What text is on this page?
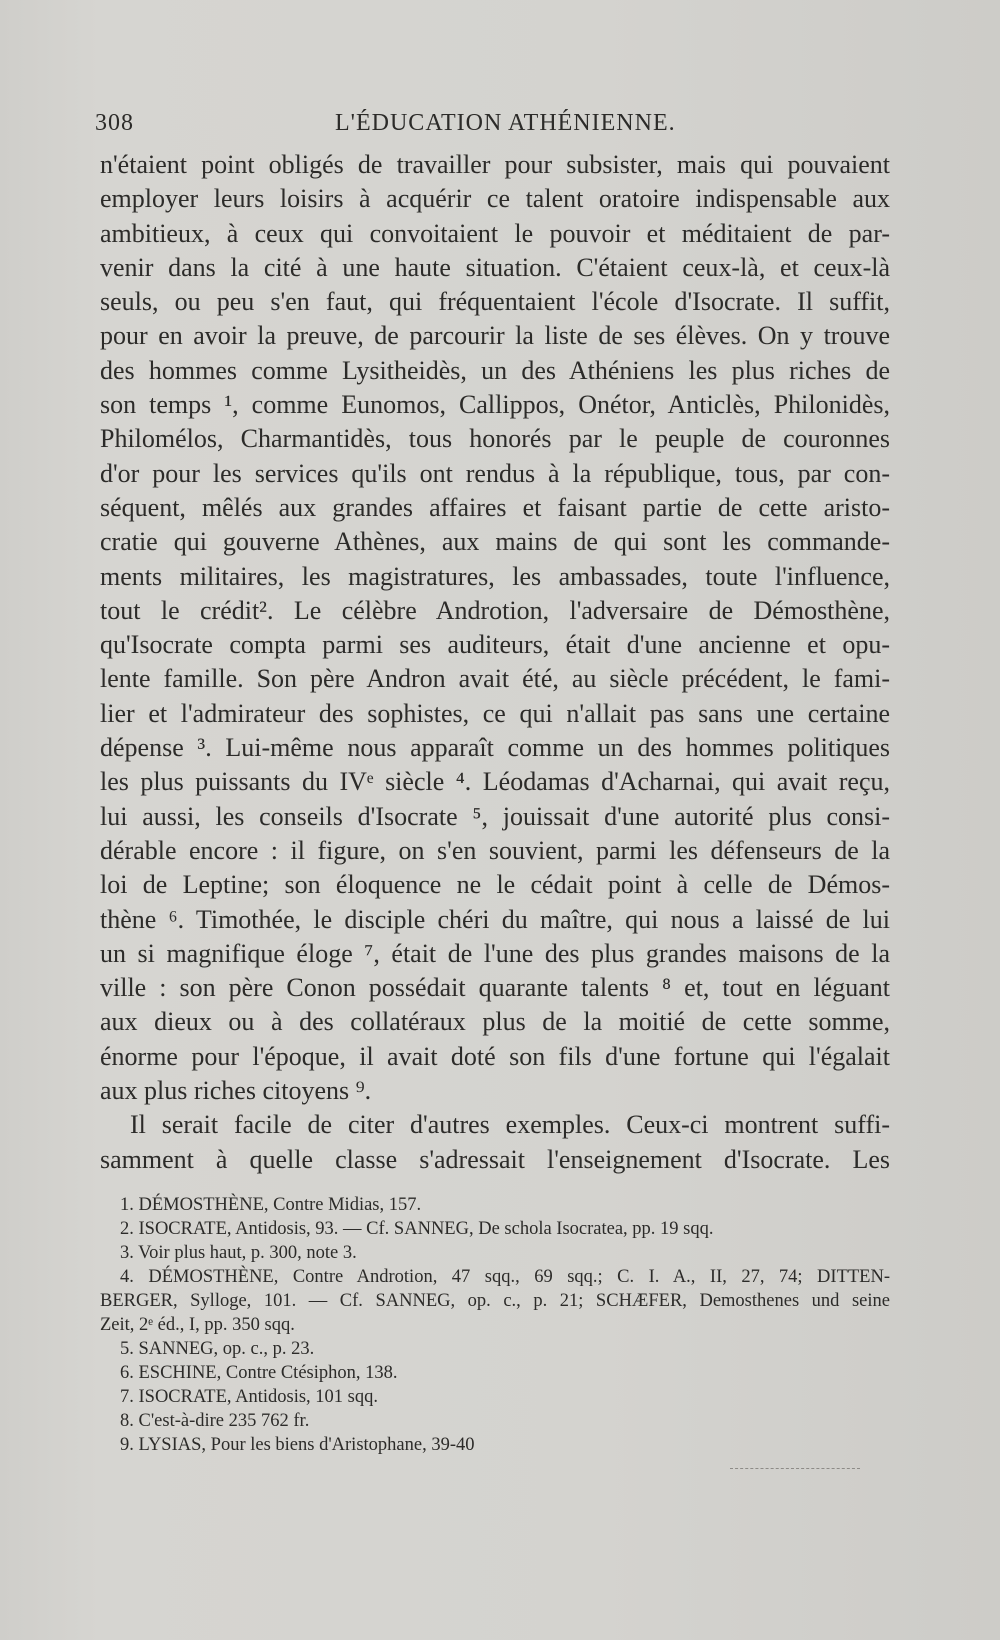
308	L'ÉDUCATION ATHÉNIENNE.
n'étaient point obligés de travailler pour subsister, mais qui pouvaient
employer leurs loisirs à acquérir ce talent oratoire indispensable aux
ambitieux, à ceux qui convoitaient le pouvoir et méditaient de par-
venir dans la cité à une haute situation. C'étaient ceux-là, et ceux-là
seuls, ou peu s'en faut, qui fréquentaient l'école d'Isocrate. Il suffit,
pour en avoir la preuve, de parcourir la liste de ses élèves. On y trouve
des hommes comme Lysitheidès, un des Athéniens les plus riches de
son temps ¹, comme Eunomos, Callippos, Onétor, Anticlès, Philonidès,
Philomélos, Charmantidès, tous honorés par le peuple de couronnes
d'or pour les services qu'ils ont rendus à la république, tous, par con-
séquent, mêlés aux grandes affaires et faisant partie de cette aristo-
cratie qui gouverne Athènes, aux mains de qui sont les commande-
ments militaires, les magistratures, les ambassades, toute l'influence,
tout le crédit². Le célèbre Androtion, l'adversaire de Démosthène,
qu'Isocrate compta parmi ses auditeurs, était d'une ancienne et opu-
lente famille. Son père Andron avait été, au siècle précédent, le fami-
lier et l'admirateur des sophistes, ce qui n'allait pas sans une certaine
dépense ³. Lui-même nous apparaît comme un des hommes politiques
les plus puissants du IVᵉ siècle ⁴. Léodamas d'Acharnai, qui avait reçu,
lui aussi, les conseils d'Isocrate ⁵, jouissait d'une autorité plus consi-
dérable encore : il figure, on s'en souvient, parmi les défenseurs de la
loi de Leptine; son éloquence ne le cédait point à celle de Démos-
thène ⁶. Timothée, le disciple chéri du maître, qui nous a laissé de lui
un si magnifique éloge ⁷, était de l'une des plus grandes maisons de la
ville : son père Conon possédait quarante talents ⁸ et, tout en léguant
aux dieux ou à des collatéraux plus de la moitié de cette somme,
énorme pour l'époque, il avait doté son fils d'une fortune qui l'égalait
aux plus riches citoyens ⁹.
Il serait facile de citer d'autres exemples. Ceux-ci montrent suffi-
samment à quelle classe s'adressait l'enseignement d'Isocrate. Les
1. DÉMOSTHÈNE, Contre Midias, 157.
2. ISOCRATE, Antidosis, 93. — Cf. SANNEG, De schola Isocratea, pp. 19 sqq.
3. Voir plus haut, p. 300, note 3.
4. DÉMOSTHÈNE, Contre Androtion, 47 sqq., 69 sqq.; C. I. A., II, 27, 74; DITTEN-
BERGER, Sylloge, 101. — Cf. SANNEG, op. c., p. 21; SCHÆFER, Demosthenes und seine
Zeit, 2ᵉ éd., I, pp. 350 sqq.
5. SANNEG, op. c., p. 23.
6. ESCHINE, Contre Ctésiphon, 138.
7. ISOCRATE, Antidosis, 101 sqq.
8. C'est-à-dire 235 762 fr.
9. LYSIAS, Pour les biens d'Aristophane, 39-40
